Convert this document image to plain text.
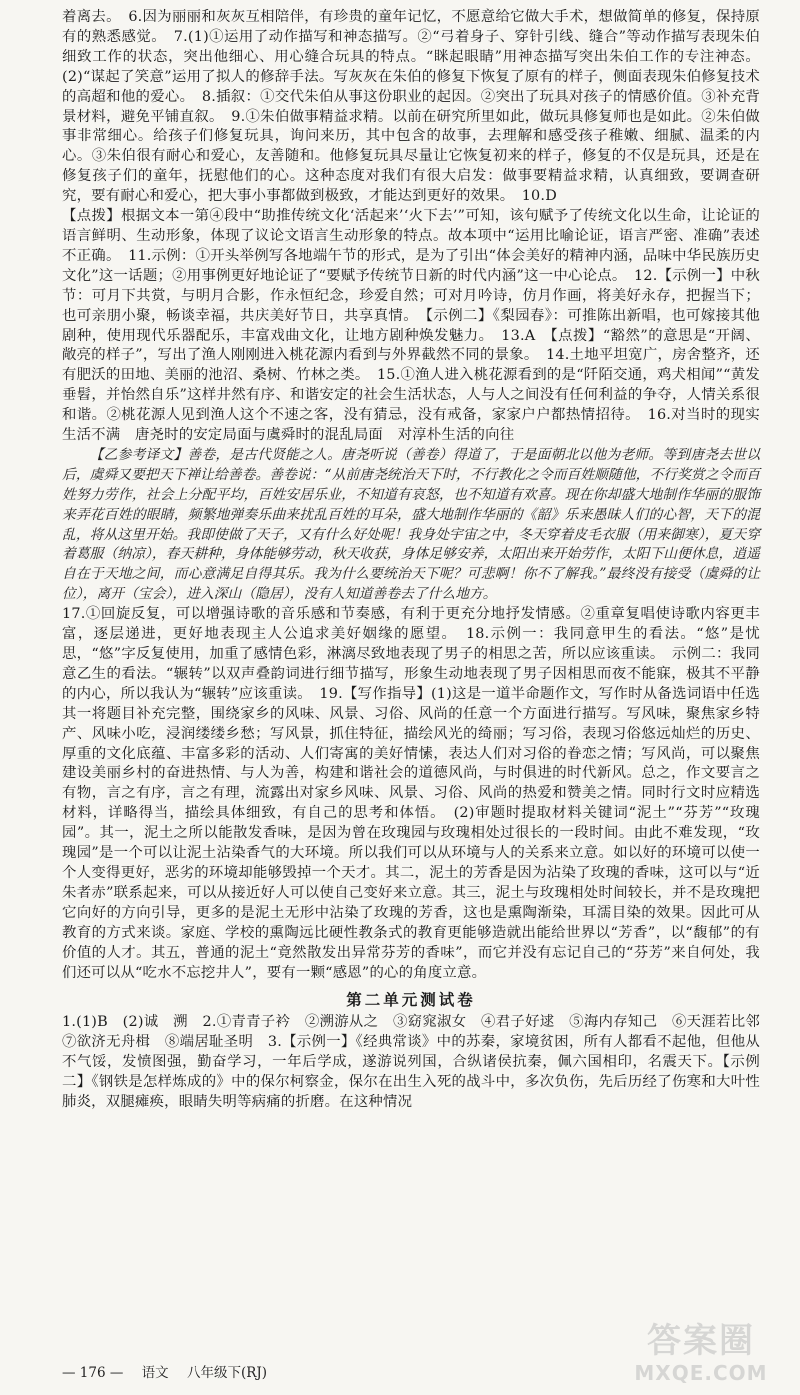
着离去。　6.因为丽丽和灰灰互相陪伴，有珍贵的童年记忆，不愿意给它做大手术，想做简单的修复，保持原有的熟悉感觉。　7.(1)①运用了动作描写和神态描写。②“弓着身子、穿针引线、缝合”等动作描写表现朱伯细致工作的状态，突出他细心、用心缝合玩具的特点。“眯起眼睛”用神态描写突出朱伯工作的专注神态。(2)“谋起了笑意”运用了拟人的修辞手法。写灰灰在朱伯的修复下恢复了原有的样子，侧面表现朱伯修复技术的高超和他的爱心。　8.插叙：①交代朱伯从事这份职业的起因。②突出了玩具对孩子的情感价值。③补充背景材料，避免平铺直叙。　9.①朱伯做事精益求精。以前在研究所里如此，做玩具修复师也是如此。②朱伯做事非常细心。给孩子们修复玩具，询问来历，其中包含的故事，去理解和感受孩子稚嫩、细腻、温柔的内心。③朱伯很有耐心和爱心，友善随和。他修复玩具尽量让它恢复初来的样子，修复的不仅是玩具，还是在修复孩子们的童年，抚慰他们的心。这种态度对我们有很大启发：做事要精益求精，认真细致，要调查研究，要有耐心和爱心，把大事小事都做到极致，才能达到更好的效果。　10.D

【点拨】根据文本一第④段中“助推传统文化‘活起来’‘火下去’”可知，该句赋予了传统文化以生命，让论证的语言鲜明、生动形象，体现了议论文语言生动形象的特点。故本项中“运用比喻论证，语言严密、准确”表述不正确。　11.示例：①开头举例写各地端午节的形式，是为了引出“体会美好的精神内涵，品味中华民族历史文化”这一话题；②用事例更好地论证了“要赋予传统节日新的时代内涵”这一中心论点。　12.【示例一】中秋节：可月下共赏，与明月合影，作永恒纪念，珍爱自然；可对月吟诗，仿月作画，将美好永存，把握当下；也可亲朋小聚，畅谈幸福，共庆美好节日，共享真情。　【示例二】《梨园春》：可推陈出新唱，也可嫁接其他剧种，使用现代乐器配乐，丰富戏曲文化，让地方剧种焕发魅力。　13.A　【点拨】“豁然”的意思是“开阔、敞亮的样子”，写出了渔人刚刚进入桃花源内看到与外界截然不同的景象。　14.土地平坦宽广，房舍整齐，还有肥沃的田地、美丽的池沼、桑树、竹林之类。　15.①渔人进入桃花源看到的是“阡陌交通，鸡犬相闻”“黄发垂髫，并怡然自乐”这样井然有序、和谐安定的社会生活状态，人与人之间没有任何利益的争夺，人情关系很和谐。②桃花源人见到渔人这个不速之客，没有猜忌，没有戒备，家家户户都热情招待。　16.对当时的现实生活不满　唐尧时的安定局面与虞舜时的混乱局面　对淳朴生活的向往

【乙参考译文】善卷，是古代贤能之人。唐尧听说（善卷）得道了，于是面朝北以他为老师。等到唐尧去世以后，虞舜又要把天下禅让给善卷。善卷说：“从前唐尧统治天下时，不行教化之令而百姓顺随他，不行奖赏之令而百姓努力劳作，社会上分配平均，百姓安居乐业，不知道有哀怒，也不知道有欢喜。现在你却盛大地制作华丽的服饰来弄花百姓的眼睛，频繁地弹奏乐曲来扰乱百姓的耳朵，盛大地制作华丽的《韶》乐来愚昧人们的心智，天下的混乱，将从这里开始。我即使做了天子，又有什么好处呢！我身处宇宙之中，冬天穿着皮毛衣服（用来御寒），夏天穿着葛服（纳凉），春天耕种，身体能够劳动，秋天收获，身体足够安养，太阳出来开始劳作，太阳下山便休息，逍遥自在于天地之间，而心意满足自得其乐。我为什么要统治天下呢？可悲啊！你不了解我。”最终没有接受（虞舜的让位），离开（宝会），进入深山（隐居），没有人知道善卷去了什么地方。

17.①回旋反复，可以增强诗歌的音乐感和节奏感，有利于更充分地抒发情感。②重章复唱使诗歌内容更丰富，逐层递进，更好地表现主人公追求美好姻缘的愿望。　18.示例一：我同意甲生的看法。“悠”是忧思，“悠”字反复使用，加重了感情色彩，淋漓尽致地表现了男子的相思之苦，所以应该重读。　示例二：我同意乙生的看法。“辗转”以双声叠韵词进行细节描写，形象生动地表现了男子因相思而夜不能寐，极其不平静的内心，所以我认为“辗转”应该重读。　19.【写作指导】(1)这是一道半命题作文，写作时从备选词语中任选其一将题目补充完整，围绕家乡的风味、风景、习俗、风尚的任意一个方面进行描写。写风味，聚焦家乡特产、风味小吃，浸润缕缕乡愁；写风景，抓住特征，描绘风光的绮丽；写习俗，表现习俗悠远灿烂的历史、厚重的文化底蕴、丰富多彩的活动、人们寄寓的美好情愫，表达人们对习俗的眷恋之情；写风尚，可以聚焦建设美丽乡村的奋进热情、与人为善，构建和谐社会的道德风尚，与时俱进的时代新风。总之，作文要言之有物，言之有序，言之有理，流露出对家乡风味、风景、习俗、风尚的热爱和赞美之情。同时行文时应精选材料，详略得当，描绘具体细致，有自己的思考和体悟。　(2)审题时提取材料关键词“泥土”“芬芳”“玫瑰园”。其一，泥土之所以能散发香味，是因为曾在玫瑰园与玫瑰相处过很长的一段时间。由此不难发现，“玫瑰园”是一个可以让泥土沾染香气的大环境。所以我们可以从环境与人的关系来立意。如以好的环境可以使一个人变得更好，恶劣的环境却能够毁掉一个天才。其二，泥土的芳香是因为沾染了玫瑰的香味，这可以与“近朱者赤”联系起来，可以从接近好人可以使自己变好来立意。其三，泥土与玫瑰相处时间较长，并不是玫瑰把它向好的方向引导，更多的是泥土无形中沾染了玫瑰的芳香，这也是熏陶渐染，耳濡目染的效果。因此可从教育的方式来谈。家庭、学校的熏陶远比硬性教条式的教育更能够造就出能给世界以“芳香”，以“馥郁”的有价值的人才。其五，普通的泥土“竟然散发出异常芬芳的香味”，而它并没有忘记自己的“芬芳”来自何处，我们还可以从“吃水不忘挖井人”，要有一颗“感恩”的心的角度立意。

第二单元测试卷

1.(1)B　(2)诚　溯　2.①青青子衿　②溯游从之　③窈窕淑女　④君子好逑　⑤海内存知己　⑥天涯若比邻　⑦欲济无舟楫　⑧端居耻圣明　3.【示例一】《经典常谈》中的苏秦，家境贫困，所有人都看不起他，但他从不气馁，发愤图强，勤奋学习，一年后学成，遂游说列国，合纵诸侯抗秦，佩六国相印，名震天下。【示例二】《钢铁是怎样炼成的》中的保尔柯察金，保尔在出生入死的战斗中，多次负伤，先后历经了伤寒和大叶性肺炎，双腿瘫痪，眼睛失明等病痛的折磨。在这种情况

— 176 — 语文 八年级下(RJ)
答案圈
MXQE.COM
